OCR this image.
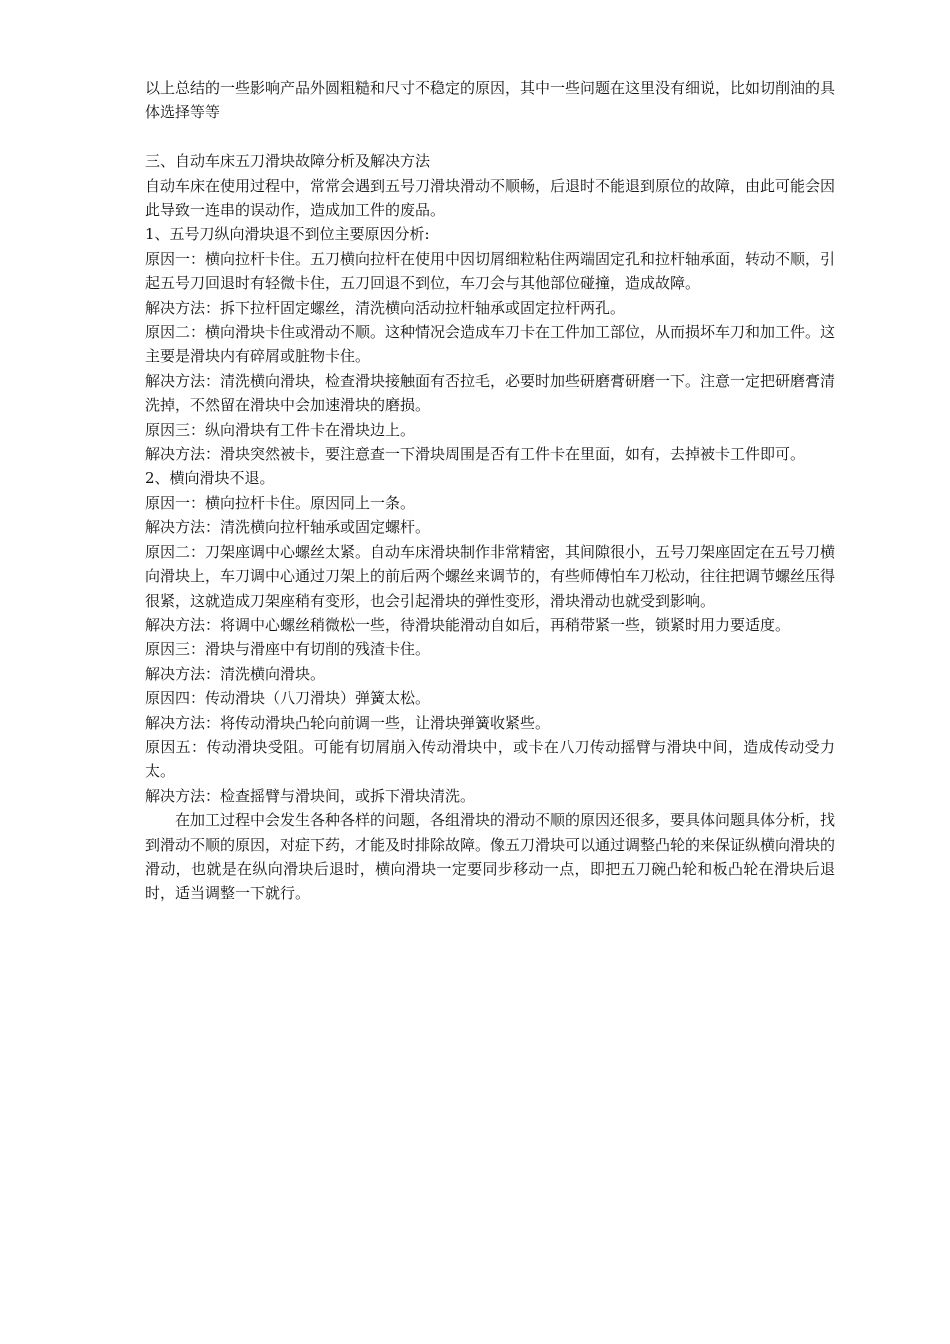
以上总结的一些影响产品外圆粗糙和尺寸不稳定的原因，其中一些问题在这里没有细说，比如切削油的具体选择等等

三、自动车床五刀滑块故障分析及解决方法

自动车床在使用过程中，常常会遇到五号刀滑块滑动不顺畅，后退时不能退到原位的故障，由此可能会因此导致一连串的误动作，造成加工件的废品。

1、五号刀纵向滑块退不到位主要原因分析:

原因一：横向拉杆卡住。五刀横向拉杆在使用中因切屑细粒粘住两端固定孔和拉杆轴承面，转动不顺，引起五号刀回退时有轻微卡住，五刀回退不到位，车刀会与其他部位碰撞，造成故障。

解决方法：拆下拉杆固定螺丝，清洗横向活动拉杆轴承或固定拉杆两孔。

原因二：横向滑块卡住或滑动不顺。这种情况会造成车刀卡在工件加工部位，从而损坏车刀和加工件。这主要是滑块内有碎屑或脏物卡住。

解决方法：清洗横向滑块，检查滑块接触面有否拉毛，必要时加些研磨膏研磨一下。注意一定把研磨膏清洗掉，不然留在滑块中会加速滑块的磨损。

原因三：纵向滑块有工件卡在滑块边上。

解决方法：滑块突然被卡，要注意查一下滑块周围是否有工件卡在里面，如有，去掉被卡工件即可。

2、横向滑块不退。

原因一：横向拉杆卡住。原因同上一条。

解决方法：清洗横向拉杆轴承或固定螺杆。

原因二：刀架座调中心螺丝太紧。自动车床滑块制作非常精密，其间隙很小，五号刀架座固定在五号刀横向滑块上，车刀调中心通过刀架上的前后两个螺丝来调节的，有些师傅怕车刀松动，往往把调节螺丝压得很紧，这就造成刀架座稍有变形，也会引起滑块的弹性变形，滑块滑动也就受到影响。

解决方法：将调中心螺丝稍微松一些，待滑块能滑动自如后，再稍带紧一些，锁紧时用力要适度。

原因三：滑块与滑座中有切削的残渣卡住。

解决方法：清洗横向滑块。

原因四：传动滑块（八刀滑块）弹簧太松。

解决方法：将传动滑块凸轮向前调一些，让滑块弹簧收紧些。

原因五：传动滑块受阻。可能有切屑崩入传动滑块中，或卡在八刀传动摇臂与滑块中间，造成传动受力太。

解决方法：检查摇臂与滑块间，或拆下滑块清洗。

在加工过程中会发生各种各样的问题，各组滑块的滑动不顺的原因还很多，要具体问题具体分析，找到滑动不顺的原因，对症下药，才能及时排除故障。像五刀滑块可以通过调整凸轮的来保证纵横向滑块的滑动，也就是在纵向滑块后退时，横向滑块一定要同步移动一点，即把五刀碗凸轮和板凸轮在滑块后退时，适当调整一下就行。
